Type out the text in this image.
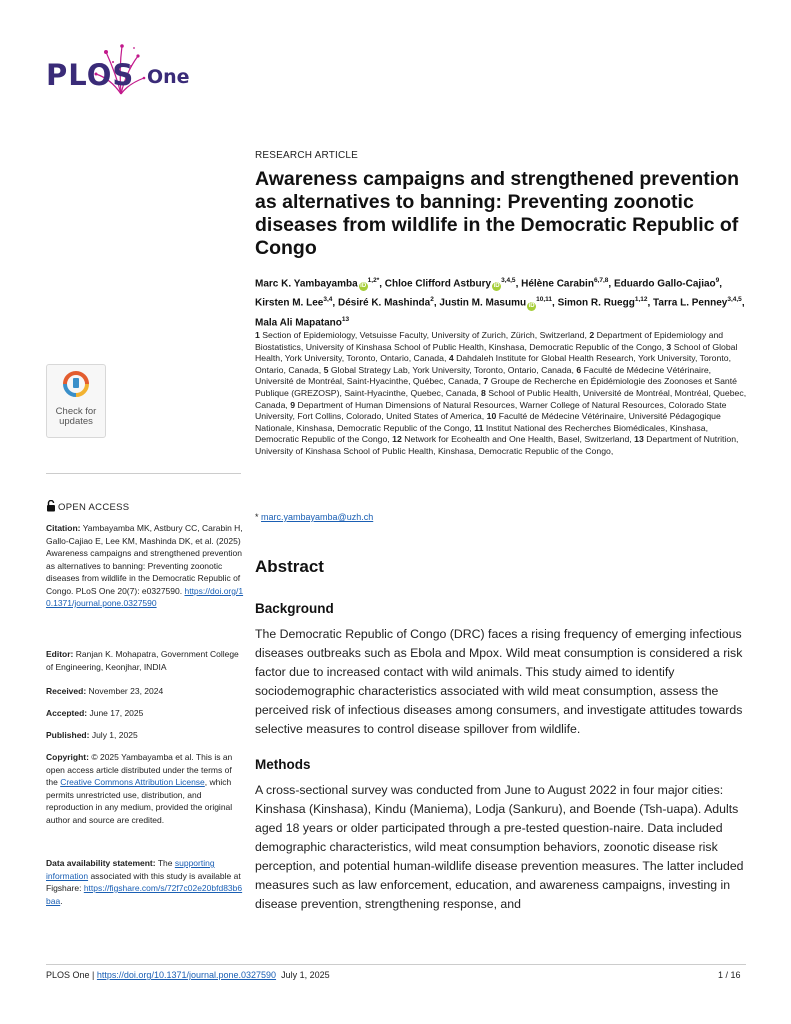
PLOS One
RESEARCH ARTICLE
Awareness campaigns and strengthened prevention as alternatives to banning: Preventing zoonotic diseases from wildlife in the Democratic Republic of Congo
Marc K. Yambayamba $iD^{1,2*}$, Chloe Clifford Astbury iD$^{3,4,5}$, Hélène Carabin$^{6,7,8}$, Eduardo Gallo-Cajiao$^9$, Kirsten M. Lee$^{3,4}$, Désiré K. Mashinda$^2$, Justin M. Masumu iD$^{10,11}$, Simon R. Ruegg$^{1,12}$, Tarra L. Penney$^{3,4,5}$, Mala Ali Mapatano$^{13}$
1 Section of Epidemiology, Vetsuisse Faculty, University of Zurich, Zürich, Switzerland, 2 Department of Epidemiology and Biostatistics, University of Kinshasa School of Public Health, Kinshasa, Democratic Republic of the Congo, 3 School of Global Health, York University, Toronto, Ontario, Canada, 4 Dahdaleh Institute for Global Health Research, York University, Toronto, Ontario, Canada, 5 Global Strategy Lab, York University, Toronto, Ontario, Canada, 6 Faculté de Médecine Vétérinaire, Université de Montréal, Saint-Hyacinthe, Québec, Canada, 7 Groupe de Recherche en Épidémiologie des Zoonoses et Santé Publique (GREZOSP), Saint-Hyacinthe, Quebec, Canada, 8 School of Public Health, Université de Montréal, Montréal, Quebec, Canada, 9 Department of Human Dimensions of Natural Resources, Warner College of Natural Resources, Colorado State University, Fort Collins, Colorado, United States of America, 10 Faculté de Médecine Vétérinaire, Université Pédagogique Nationale, Kinshasa, Democratic Republic of the Congo, 11 Institut National des Recherches Biomédicales, Kinshasa, Democratic Republic of the Congo, 12 Network for Ecohealth and One Health, Basel, Switzerland, 13 Department of Nutrition, University of Kinshasa School of Public Health, Kinshasa, Democratic Republic of the Congo,
* marc.yambayamba@uzh.ch
Abstract
Background
The Democratic Republic of Congo (DRC) faces a rising frequency of emerging infectious diseases outbreaks such as Ebola and Mpox. Wild meat consumption is considered a risk factor due to increased contact with wild animals. This study aimed to identify sociodemographic characteristics associated with wild meat consumption, assess the perceived risk of infectious diseases among consumers, and investigate attitudes towards selective measures to control disease spillover from wildlife.
Methods
A cross-sectional survey was conducted from June to August 2022 in four major cities: Kinshasa (Kinshasa), Kindu (Maniema), Lodja (Sankuru), and Boende (Tsh-uapa). Adults aged 18 years or older participated through a pre-tested question-naire. Data included demographic characteristics, wild meat consumption behaviors, zoonotic disease risk perception, and potential human-wildlife disease prevention measures. The latter included measures such as law enforcement, education, and awareness campaigns, investing in disease prevention, strengthening response, and
Check for
updates
OPEN ACCESS
Citation: Yambayamba MK, Astbury CC, Carabin H, Gallo-Cajiao E, Lee KM, Mashinda DK, et al. (2025) Awareness campaigns and strengthened prevention as alternatives to banning: Preventing zoonotic diseases from wildlife in the Democratic Republic of Congo. PLoS One 20(7): e0327590. https://doi.org/10.1371/journal.pone.0327590
Editor: Ranjan K. Mohapatra, Government College of Engineering, Keonjhar, INDIA
Received: November 23, 2024
Accepted: June 17, 2025
Published: July 1, 2025
Copyright: © 2025 Yambayamba et al. This is an open access article distributed under the terms of the Creative Commons Attribution License, which permits unrestricted use, distribution, and reproduction in any medium, provided the original author and source are credited.
Data availability statement: The supporting information associated with this study is available at Figshare: https://figshare.com/s/72f7c02e20bfd83b6baa.
PLOS One | https://doi.org/10.1371/journal.pone.0327590 July 1, 2025	1 / 16
